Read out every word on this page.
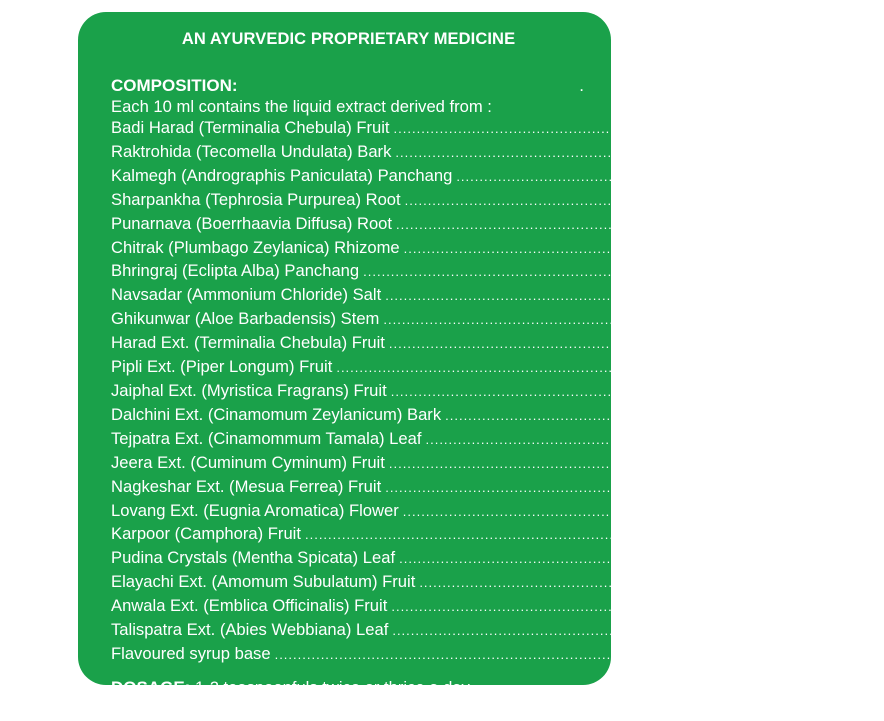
AN AYURVEDIC PROPRIETARY MEDICINE
COMPOSITION:	.
Each 10 ml contains the liquid extract derived from :
Badi Harad (Terminalia Chebula) Fruit ................................................................................ 100 mg
Raktrohida (Tecomella Undulata) Bark ................................................................................ 200 mg
Kalmegh (Andrographis Paniculata) Panchang ................................................................................ 200 mg
Sharpankha (Tephrosia Purpurea) Root ................................................................................ 100 mg
Punarnava (Boerrhaavia Diffusa) Root ................................................................................ 100 mg
Chitrak (Plumbago Zeylanica) Rhizome ................................................................................ 150 mg
Bhringraj (Eclipta Alba) Panchang ................................................................................ 100 mg
Navsadar (Ammonium Chloride) Salt ................................................................................ 75 mg
Ghikunwar (Aloe Barbadensis) Stem ................................................................................ 200 mg
Harad Ext. (Terminalia Chebula) Fruit ................................................................................ 100 mg
Pipli Ext. (Piper Longum) Fruit ................................................................................ 100 mg
Jaiphal Ext. (Myristica Fragrans) Fruit ................................................................................ 30 mg
Dalchini Ext. (Cinamomum Zeylanicum) Bark ................................................................................ 30 mg
Tejpatra Ext. (Cinamommum Tamala) Leaf ................................................................................ 20 mg
Jeera Ext. (Cuminum Cyminum) Fruit ................................................................................ 10 mg
Nagkeshar Ext. (Mesua Ferrea) Fruit ................................................................................ 10 mg
Lovang Ext. (Eugnia Aromatica) Flower ................................................................................ 10 mg
Karpoor (Camphora) Fruit ................................................................................ 5 mg
Pudina Crystals (Mentha Spicata) Leaf ................................................................................ 0.2 mg
Elayachi Ext. (Amomum Subulatum) Fruit ................................................................................ 50 mg
Anwala Ext. (Emblica Officinalis) Fruit ................................................................................ 175 mg
Talispatra Ext. (Abies Webbiana) Leaf ................................................................................ 15 mg
Flavoured syrup base ................................................................................ qs
DOSAGE: 1-2 teaspoonfuls twice or thrice a day
or as directed by the physician or vaidya.
